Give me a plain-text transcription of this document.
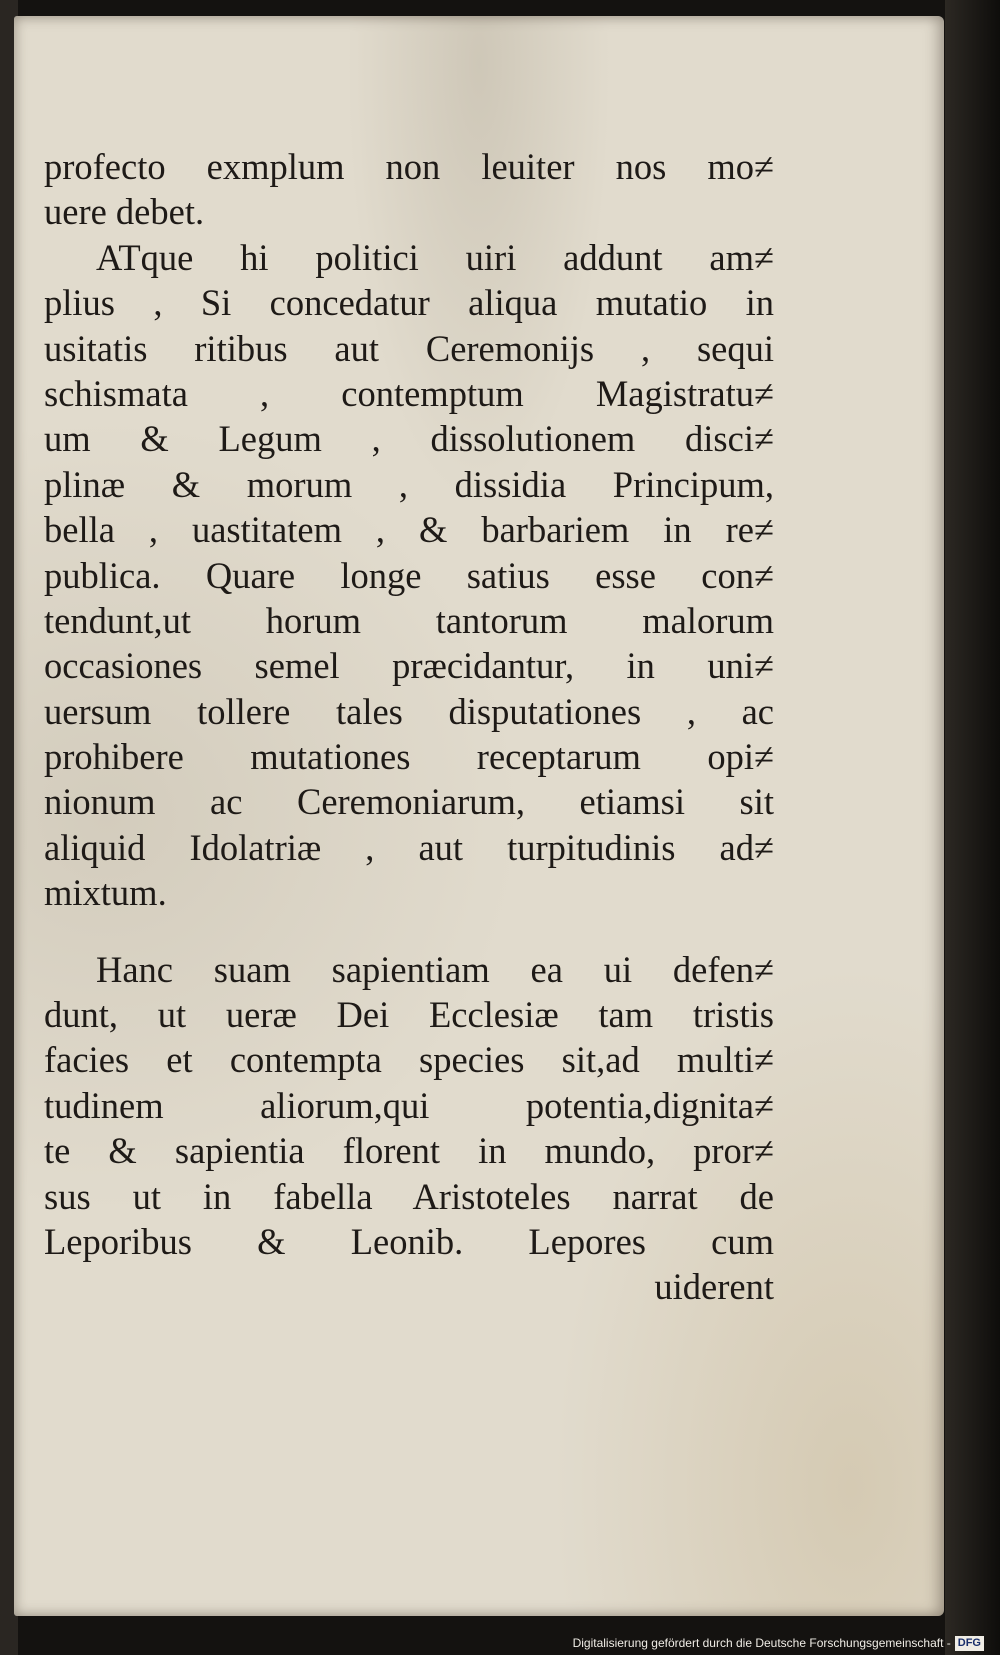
profecto exmplum non leuiter nos mo≠
uere debet.
ATque hi politici uiri addunt am≠
plius , Si concedatur aliqua mutatio in
usitatis ritibus aut Ceremonijs , sequi
schismata , contemptum Magistratu≠
um & Legum , dissolutionem disci≠
plinæ & morum , dissidia Principum,
bella , uastitatem , & barbariem in re≠
publica. Quare longe satius esse con≠
tendunt,ut horum tantorum malorum
occasiones semel præcidantur, in uni≠
uersum tollere tales disputationes , ac
prohibere mutationes receptarum opi≠
nionum ac Ceremoniarum, etiamsi sit
aliquid Idolatriæ , aut turpitudinis ad≠
mixtum.
Hanc suam sapientiam ea ui defen≠
dunt, ut ueræ Dei Ecclesiæ tam tristis
facies et contempta species sit,ad multi≠
tudinem aliorum,qui potentia,dignita≠
te & sapientia florent in mundo, pror≠
sus ut in fabella Aristoteles narrat de
Leporibus & Leonib. Lepores cum
uiderent
Digitalisierung gefördert durch die Deutsche Forschungsgemeinschaft - DFG
